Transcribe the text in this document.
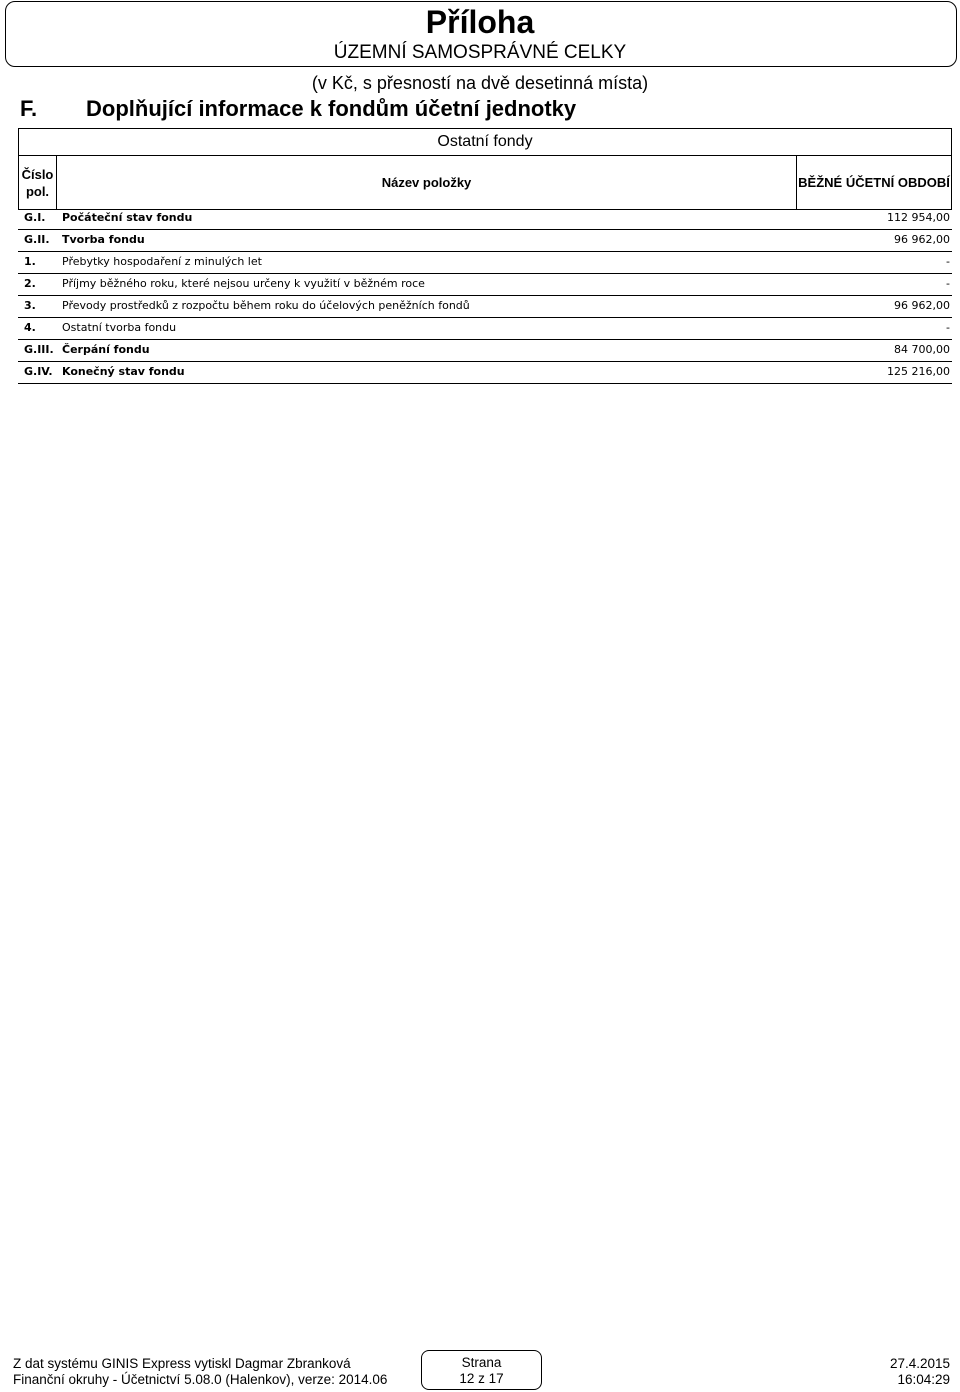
Příloha
ÚZEMNÍ SAMOSPRÁVNÉ CELKY
(v Kč, s přesností na dvě desetinná místa)
F. Doplňující informace k fondům účetní jednotky
Ostatní fondy
Číslo
pol.
Název položky	BĚŽNÉ ÚČETNÍ OBDOBÍ
G.I. Počáteční stav fondu	112 954,00
G.II. Tvorba fondu	96 962,00
1. Přebytky hospodaření z minulých let	-
2. Příjmy běžného roku, které nejsou určeny k využití v běžném roce	-
3. Převody prostředků z rozpočtu během roku do účelových peněžních fondů	96 962,00
4. Ostatní tvorba fondu	-
G.III. Čerpání fondu	84 700,00
G.IV. Konečný stav fondu	125 216,00
Z dat systému GINIS Express vytiskl Dagmar Zbranková
Finanční okruhy - Účetnictví 5.08.0 (Halenkov), verze: 2014.06
Strana
12 z 17
27.4.2015
16:04:29
